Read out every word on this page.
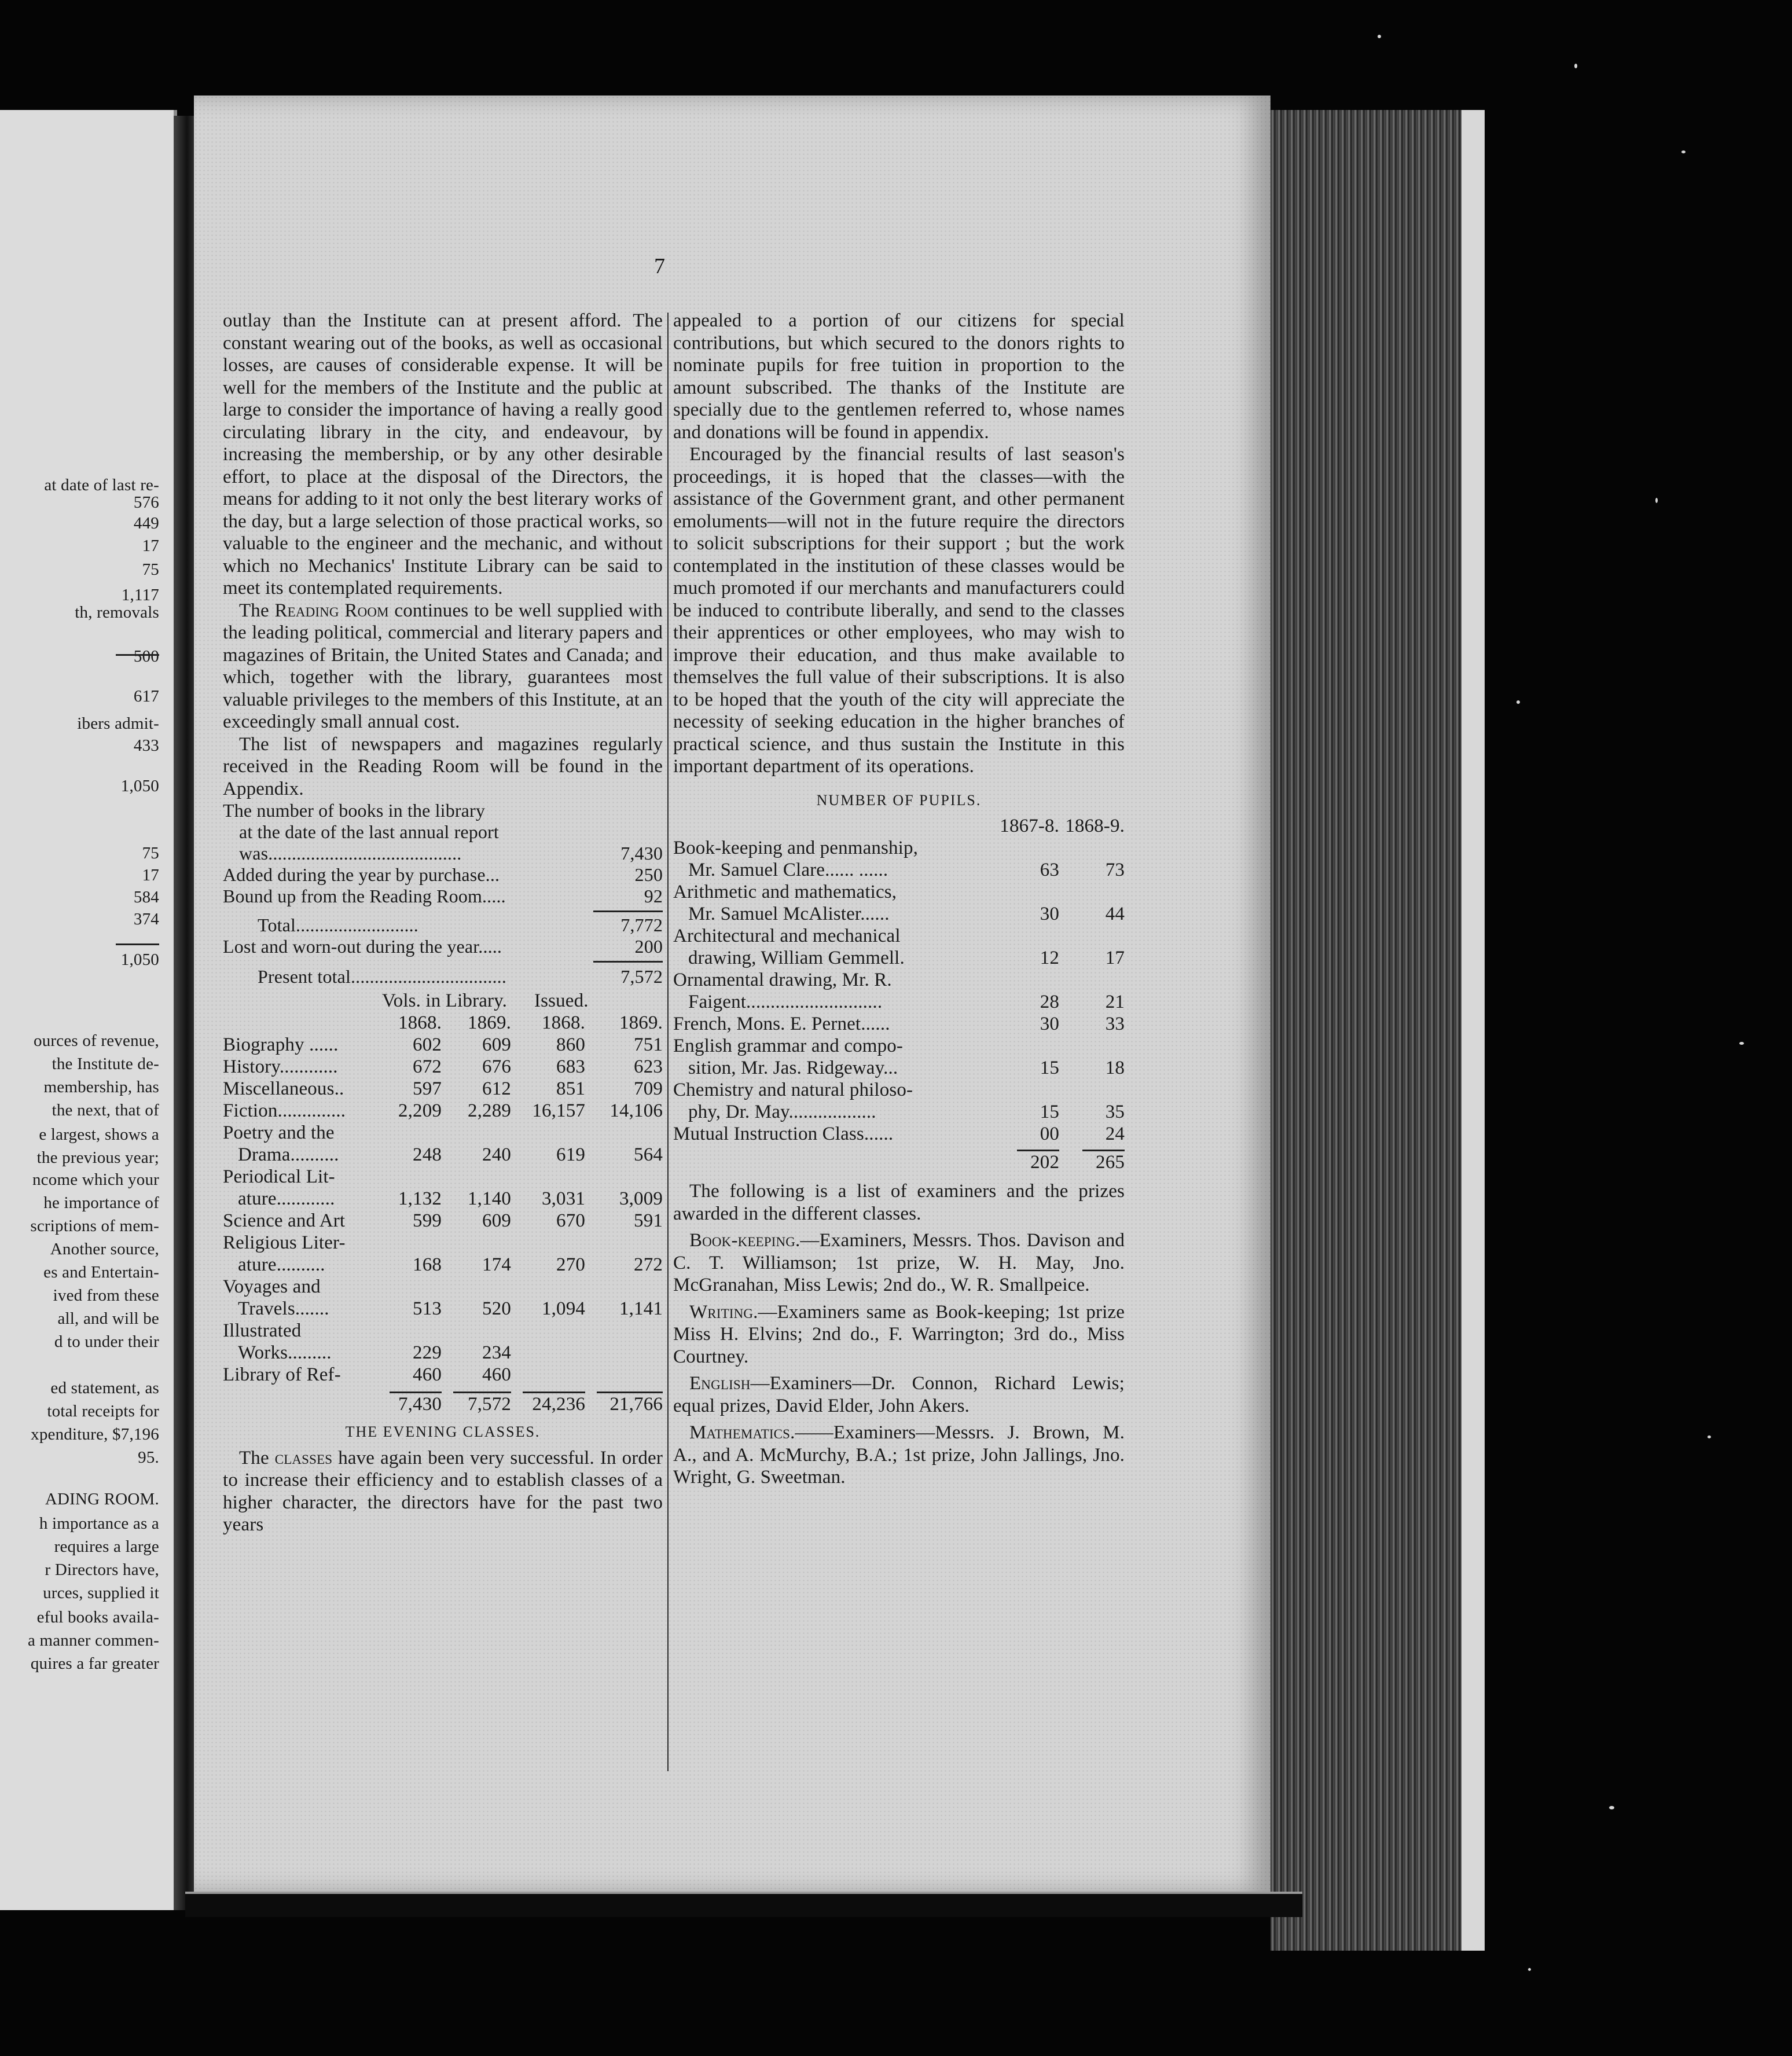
at date of last re-
576
449
17
75
1,117
th, removals
500
617
ibers admit-
433
1,050
75
17
584
374
1,050
ources of revenue,
the Institute de-
membership, has
the next, that of
e largest, shows a
the previous year;
ncome which your
he importance of
scriptions of mem-
Another source,
es and Entertain-
ived from these
all, and will be
d to under their
ed statement, as
total receipts for
xpenditure, $7,196
95.
ADING ROOM.
h importance as a
requires a large
r Directors have,
urces, supplied it
eful books availa-
a manner commen-
quires a far greater
7

outlay than the Institute can at present afford. The constant wearing out of the books, as well as occasional losses, are causes of considerable expense. It will be well for the members of the Institute and the public at large to consider the importance of having a really good circulating library in the city, and endeavour, by increasing the membership, or by any other desirable effort, to place at the disposal of the Directors, the means for adding to it not only the best literary works of the day, but a large selection of those practical works, so valuable to the engineer and the mechanic, and without which no Mechanics' Institute Library can be said to meet its contemplated requirements.

The Reading Room continues to be well supplied with the leading political, commercial and literary papers and magazines of Britain, the United States and Canada; and which, together with the library, guarantees most valuable privileges to the members of this Institute, at an exceedingly small annual cost.

The list of newspapers and magazines regularly received in the Reading Room will be found in the Appendix.

The number of books in the library
at the date of the last annual report
was.........................................	7,430
Added during the year by purchase...	250
Bound up from the Reading Room.....	92
Total..........................	7,772
Lost and worn-out during the year.....	200
Present total.................................	7,572
	Vols. in Library.		Issued.	
	1868.	1869.	1868.	1869.
Biography ......	602	609	860	751
History............	672	676	683	623
Miscellaneous..	597	612	851	709
Fiction..............	2,209	2,289	16,157	14,106
Poetry and the				
Drama..........	248	240	619	564
Periodical Lit-				
ature............	1,132	1,140	3,031	3,009
Science and Art	599	609	670	591
Religious Liter-				
ature..........	168	174	270	272
Voyages and				
Travels.......	513	520	1,094	1,141
Illustrated				
Works.........	229	234		
Library of Ref-	460	460		

	7,430	7,572	24,236	21,766
THE EVENING CLASSES.

The classes have again been very successful. In order to increase their efficiency and to establish classes of a higher character, the directors have for the past two years

appealed to a portion of our citizens for special contributions, but which secured to the donors rights to nominate pupils for free tuition in proportion to the amount subscribed. The thanks of the Institute are specially due to the gentlemen referred to, whose names and donations will be found in appendix.

Encouraged by the financial results of last season's proceedings, it is hoped that the classes—with the assistance of the Government grant, and other permanent emoluments—will not in the future require the directors to solicit subscriptions for their support ; but the work contemplated in the institution of these classes would be much promoted if our merchants and manufacturers could be induced to contribute liberally, and send to the classes their apprentices or other employees, who may wish to improve their education, and thus make available to themselves the full value of their subscriptions. It is also to be hoped that the youth of the city will appreciate the necessity of seeking education in the higher branches of practical science, and thus sustain the Institute in this important department of its operations.

NUMBER OF PUPILS.
	1867-8.	1868-9.
Book-keeping and penmanship,		
Mr. Samuel Clare...... ......	63	73
Arithmetic and mathematics,		
Mr. Samuel McAlister......	30	44
Architectural and mechanical		
drawing, William Gemmell.	12	17
Ornamental drawing, Mr. R.		
Faigent............................	28	21
French, Mons. E. Pernet......	30	33
English grammar and compo-		
sition, Mr. Jas. Ridgeway...	15	18
Chemistry and natural philoso-		
phy, Dr. May..................	15	35
Mutual Instruction Class......	00	24

	202	265

The following is a list of examiners and the prizes awarded in the different classes.

Book-keeping.—Examiners, Messrs. Thos. Davison and C. T. Williamson; 1st prize, W. H. May, Jno. McGranahan, Miss Lewis; 2nd do., W. R. Smallpeice.

Writing.—Examiners same as Book-keeping; 1st prize Miss H. Elvins; 2nd do., F. Warrington; 3rd do., Miss Courtney.

English—Examiners—Dr. Connon, Richard Lewis; equal prizes, David Elder, John Akers.

Mathematics.——Examiners—Messrs. J. Brown, M. A., and A. McMurchy, B.A.; 1st prize, John Jallings, Jno. Wright, G. Sweetman.
